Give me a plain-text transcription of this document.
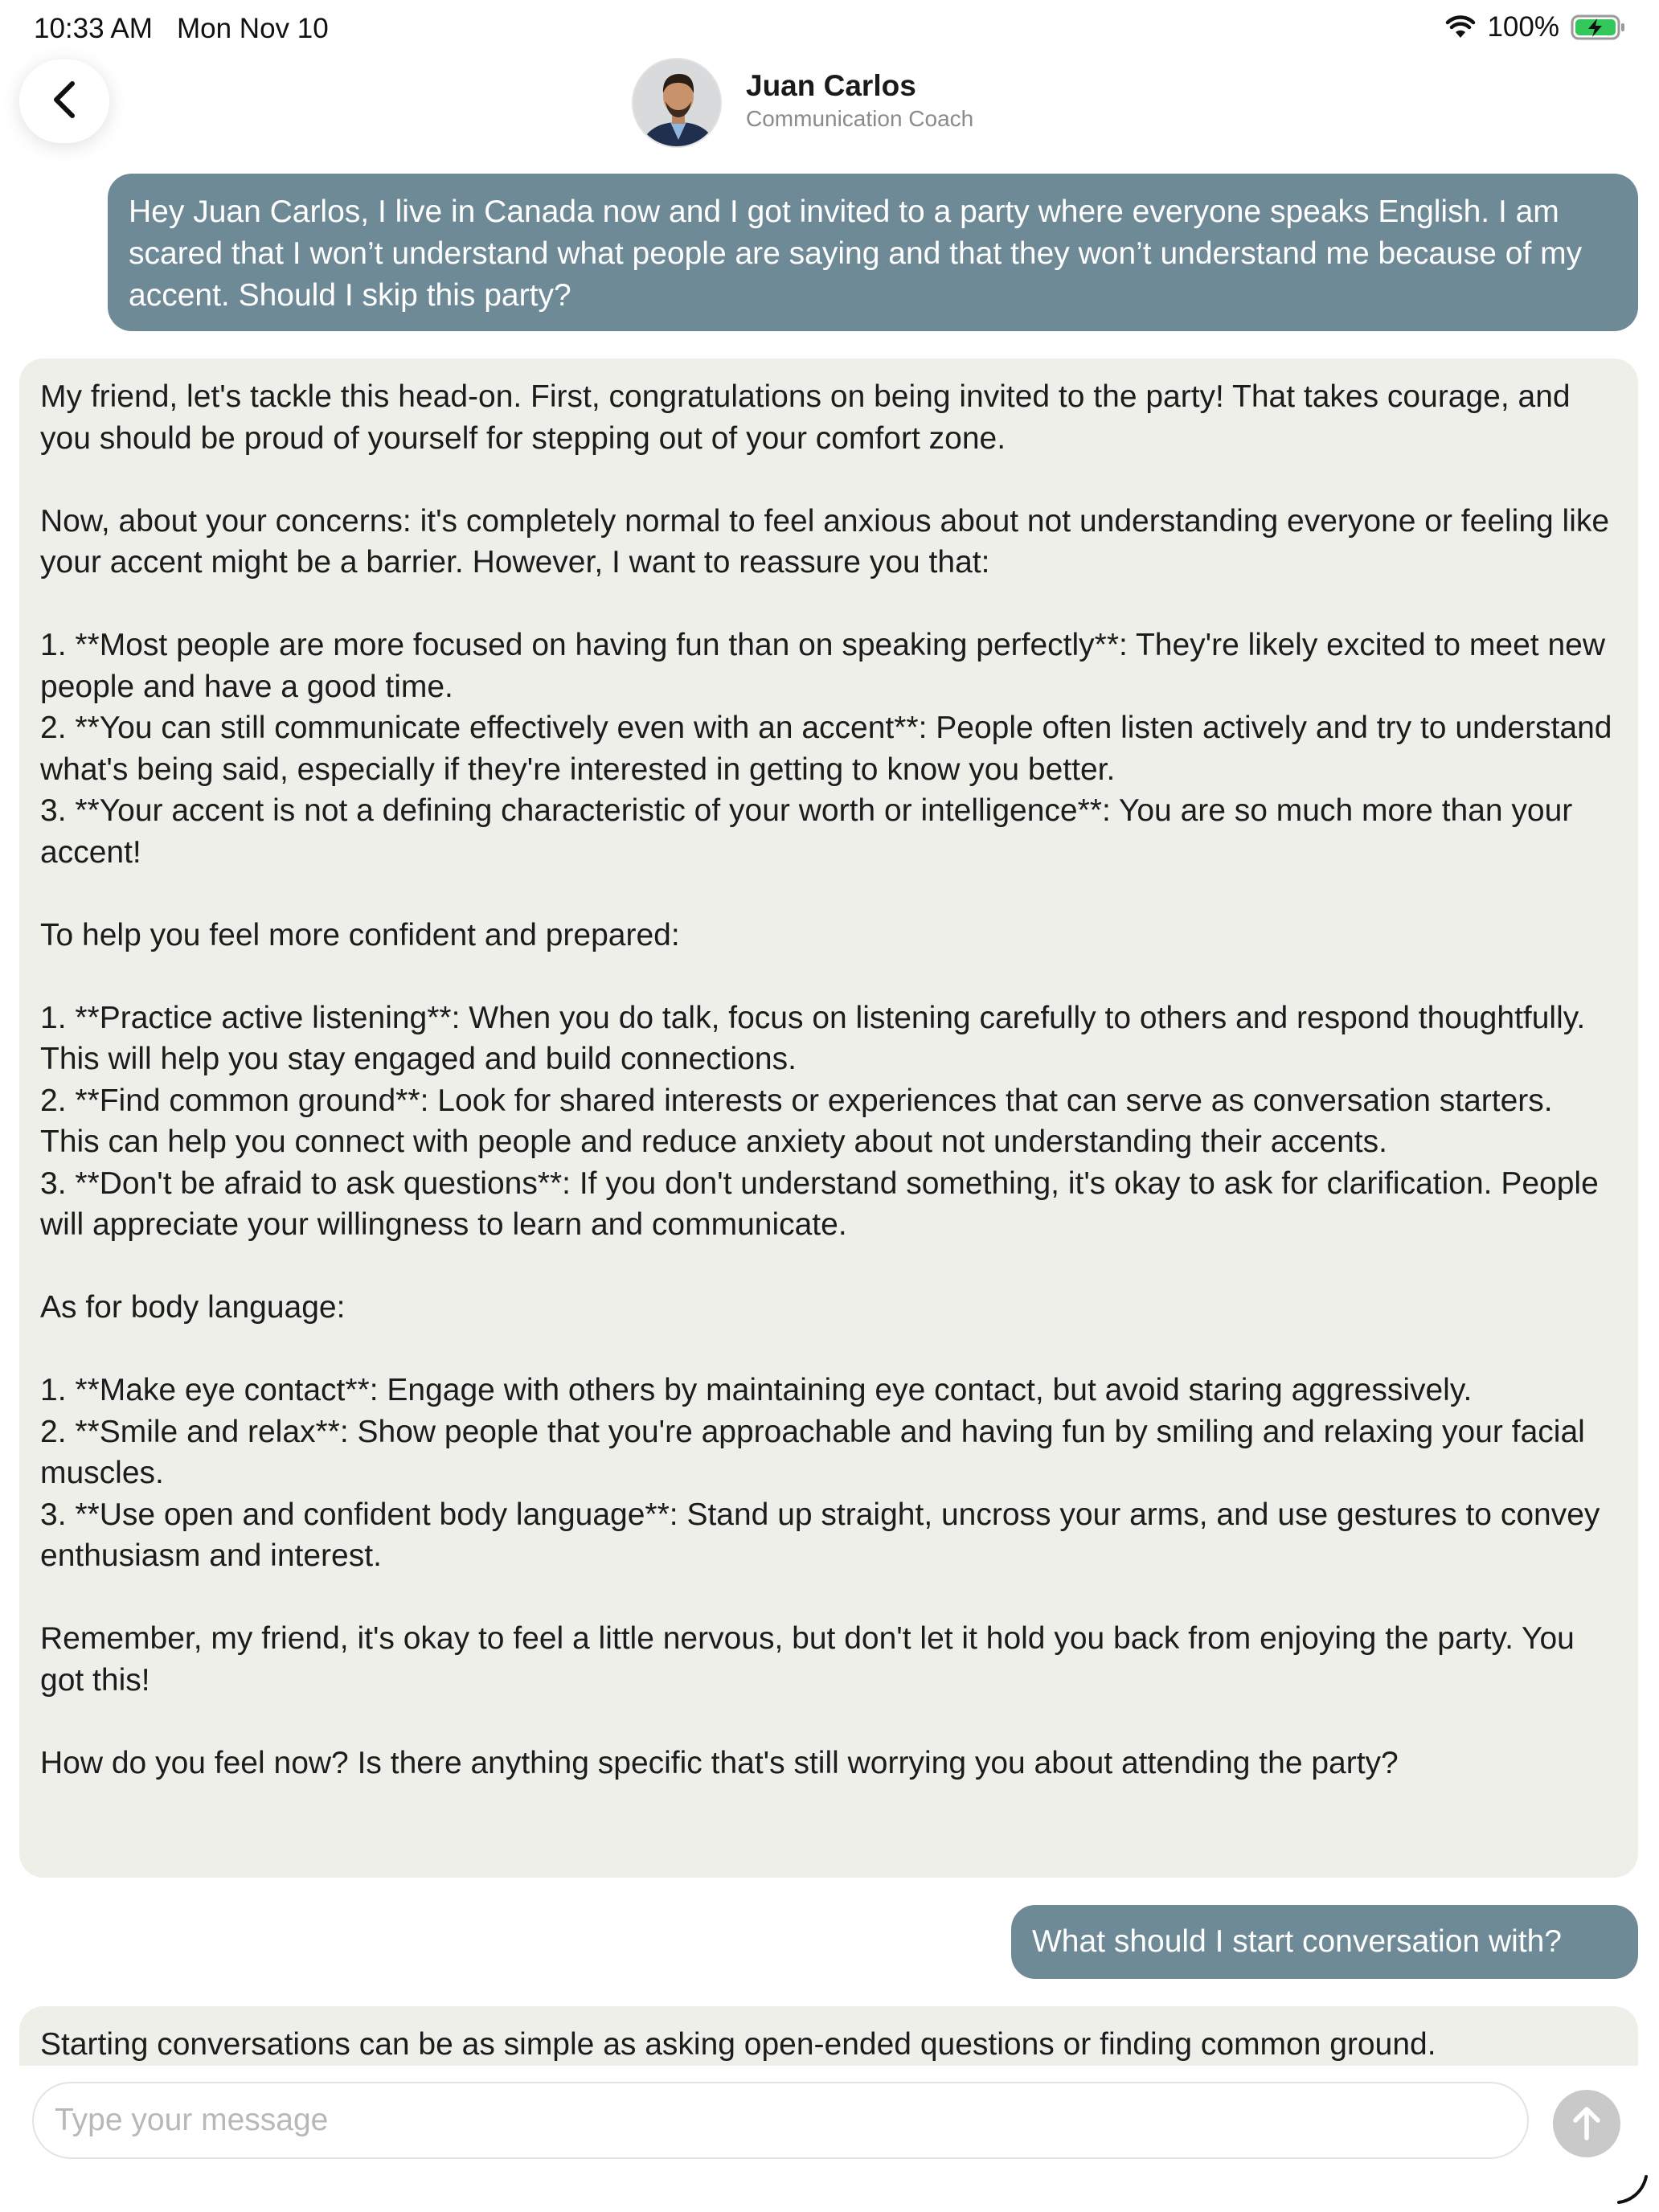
10:33 AM Mon Nov 10	100%
Juan Carlos
Communication Coach
Hey Juan Carlos, I live in Canada now and I got invited to a party where everyone speaks English. I am scared that I won’t understand what people are saying and that they won’t understand me because of my accent. Should I skip this party?
My friend, let's tackle this head-on. First, congratulations on being invited to the party! That takes courage, and you should be proud of yourself for stepping out of your comfort zone.

Now, about your concerns: it's completely normal to feel anxious about not understanding everyone or feeling like your accent might be a barrier. However, I want to reassure you that:

1. **Most people are more focused on having fun than on speaking perfectly**: They're likely excited to meet new people and have a good time.
2. **You can still communicate effectively even with an accent**: People often listen actively and try to understand what's being said, especially if they're interested in getting to know you better.
3. **Your accent is not a defining characteristic of your worth or intelligence**: You are so much more than your accent!

To help you feel more confident and prepared:

1. **Practice active listening**: When you do talk, focus on listening carefully to others and respond thoughtfully. This will help you stay engaged and build connections.
2. **Find common ground**: Look for shared interests or experiences that can serve as conversation starters. This can help you connect with people and reduce anxiety about not understanding their accents.
3. **Don't be afraid to ask questions**: If you don't understand something, it's okay to ask for clarification. People will appreciate your willingness to learn and communicate.

As for body language:

1. **Make eye contact**: Engage with others by maintaining eye contact, but avoid staring aggressively.
2. **Smile and relax**: Show people that you're approachable and having fun by smiling and relaxing your facial muscles.
3. **Use open and confident body language**: Stand up straight, uncross your arms, and use gestures to convey enthusiasm and interest.

Remember, my friend, it's okay to feel a little nervous, but don't let it hold you back from enjoying the party. You got this!

How do you feel now? Is there anything specific that's still worrying you about attending the party?
What should I start conversation with?
Starting conversations can be as simple as asking open-ended questions or finding common ground.
Type your message
